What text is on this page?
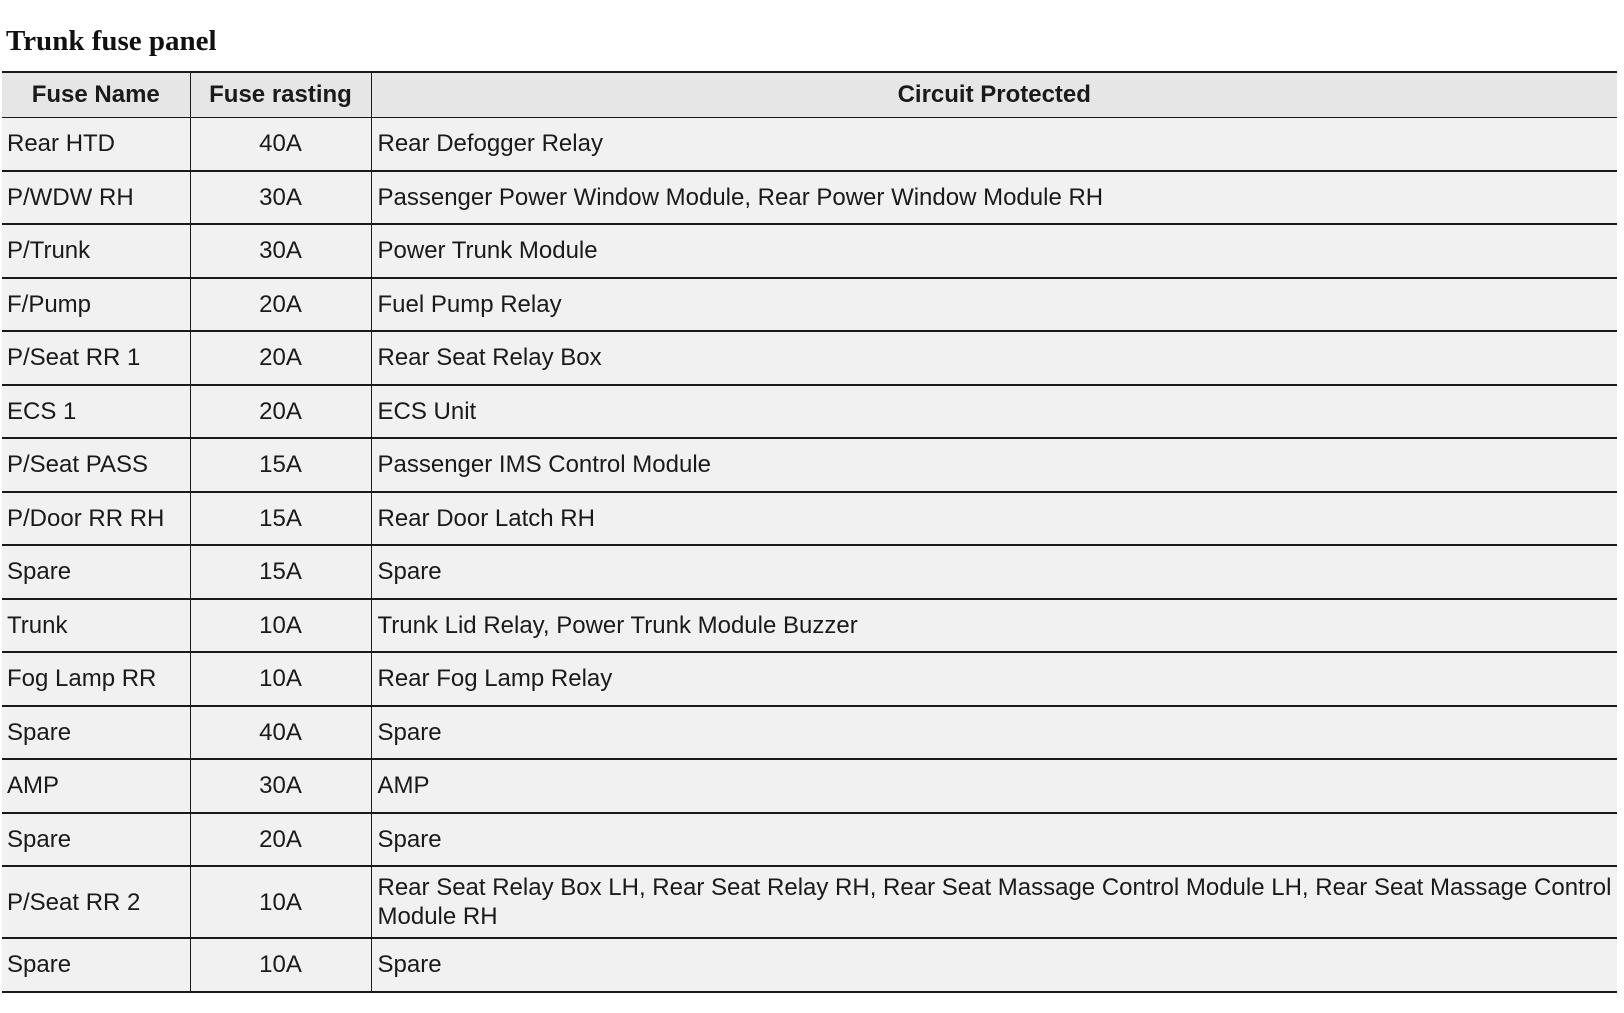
Trunk fuse panel
Fuse Name	Fuse rasting	Circuit Protected
Rear HTD	40A	Rear Defogger Relay
P/WDW RH	30A	Passenger Power Window Module, Rear Power Window Module RH
P/Trunk	30A	Power Trunk Module
F/Pump	20A	Fuel Pump Relay
P/Seat RR 1	20A	Rear Seat Relay Box
ECS 1	20A	ECS Unit
P/Seat PASS	15A	Passenger IMS Control Module
P/Door RR RH	15A	Rear Door Latch RH
Spare	15A	Spare
Trunk	10A	Trunk Lid Relay, Power Trunk Module Buzzer
Fog Lamp RR	10A	Rear Fog Lamp Relay
Spare	40A	Spare
AMP	30A	AMP
Spare	20A	Spare
P/Seat RR 2	10A	Rear Seat Relay Box LH, Rear Seat Relay RH, Rear Seat Massage Control Module LH, Rear Seat Massage Control Module RH
Spare	10A	Spare
